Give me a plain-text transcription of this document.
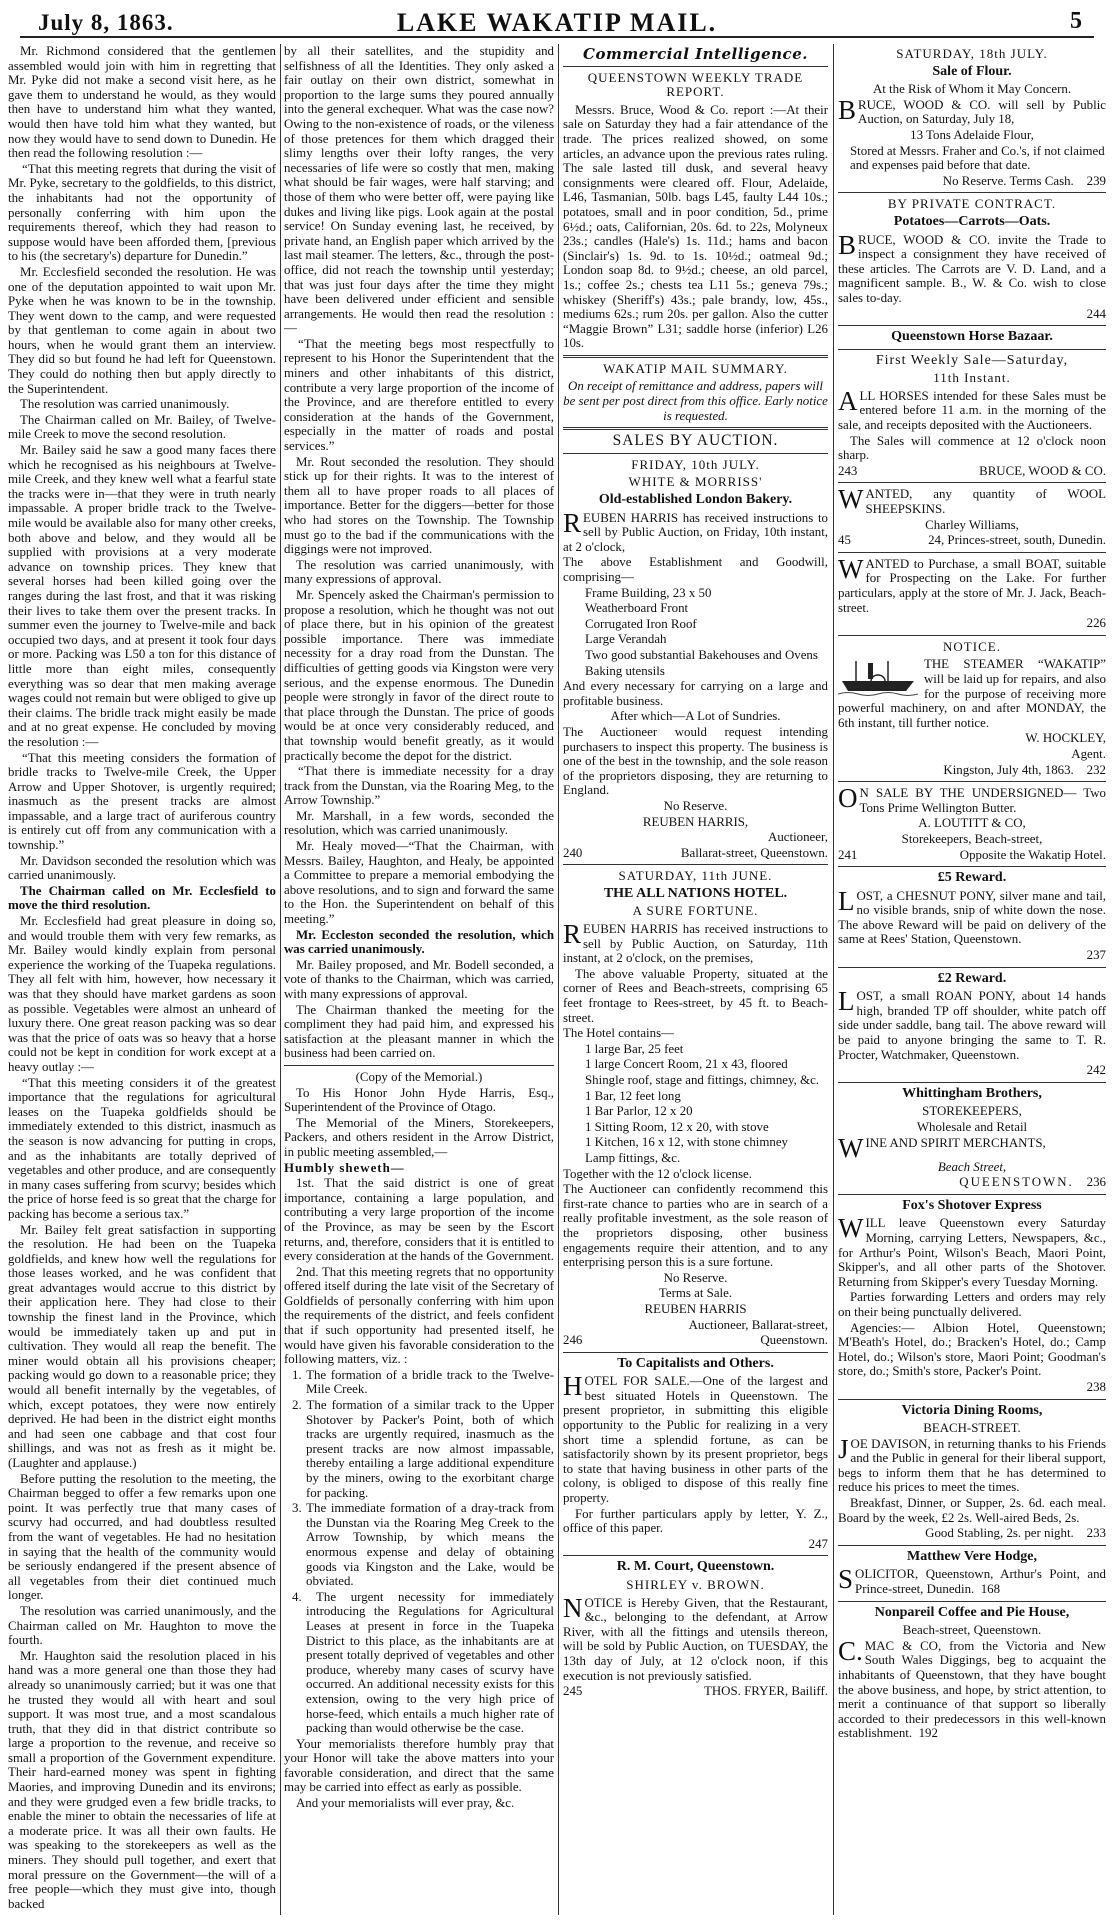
July 8, 1863.	LAKE WAKATIP MAIL.	5

Mr. Richmond considered that the gentlemen assembled would join with him in regretting that Mr. Pyke did not make a second visit here, as he gave them to understand he would, as they would then have to understand him what they wanted, would then have told him what they wanted, but now they would have to send down to Dunedin. He then read the following resolution :—

“That this meeting regrets that during the visit of Mr. Pyke, secretary to the goldfields, to this district, the inhabitants had not the opportunity of personally conferring with him upon the requirements thereof, which they had reason to suppose would have been afforded them, [previous to his (the secretary's) departure for Dunedin.”

Mr. Ecclesfield seconded the resolution. He was one of the deputation appointed to wait upon Mr. Pyke when he was known to be in the township. They went down to the camp, and were requested by that gentleman to come again in about two hours, when he would grant them an interview. They did so but found he had left for Queenstown. They could do nothing then but apply directly to the Superintendent.

The resolution was carried unanimously.

The Chairman called on Mr. Bailey, of Twelve-mile Creek to move the second resolution.

Mr. Bailey said he saw a good many faces there which he recognised as his neighbours at Twelve-mile Creek, and they knew well what a fearful state the tracks were in—that they were in truth nearly impassable. A proper bridle track to the Twelve-mile would be available also for many other creeks, both above and below, and they would all be supplied with provisions at a very moderate advance on township prices. They knew that several horses had been killed going over the ranges during the last frost, and that it was risking their lives to take them over the present tracks. In summer even the journey to Twelve-mile and back occupied two days, and at present it took four days or more. Packing was L50 a ton for this distance of little more than eight miles, consequently everything was so dear that men making average wages could not remain but were obliged to give up their claims. The bridle track might easily be made and at no great expense. He concluded by moving the resolution :—

“That this meeting considers the formation of bridle tracks to Twelve-mile Creek, the Upper Arrow and Upper Shotover, is urgently required; inasmuch as the present tracks are almost impassable, and a large tract of auriferous country is entirely cut off from any communication with a township.”

Mr. Davidson seconded the resolution which was carried unanimously.

The Chairman called on Mr. Ecclesfield to move the third resolution.

Mr. Ecclesfield had great pleasure in doing so, and would trouble them with very few remarks, as Mr. Bailey would kindly explain from personal experience the working of the Tuapeka regulations. They all felt with him, however, how necessary it was that they should have market gardens as soon as possible. Vegetables were almost an unheard of luxury there. One great reason packing was so dear was that the price of oats was so heavy that a horse could not be kept in condition for work except at a heavy outlay :—

“That this meeting considers it of the greatest importance that the regulations for agricultural leases on the Tuapeka goldfields should be immediately extended to this district, inasmuch as the season is now advancing for putting in crops, and as the inhabitants are totally deprived of vegetables and other produce, and are consequently in many cases suffering from scurvy; besides which the price of horse feed is so great that the charge for packing has become a serious tax.”

Mr. Bailey felt great satisfaction in supporting the resolution. He had been on the Tuapeka goldfields, and knew how well the regulations for those leases worked, and he was confident that great advantages would accrue to this district by their application here. They had close to their township the finest land in the Province, which would be immediately taken up and put in cultivation. They would all reap the benefit. The miner would obtain all his provisions cheaper; packing would go down to a reasonable price; they would all benefit internally by the vegetables, of which, except potatoes, they were now entirely deprived. He had been in the district eight months and had seen one cabbage and that cost four shillings, and was not as fresh as it might be. (Laughter and applause.)

Before putting the resolution to the meeting, the Chairman begged to offer a few remarks upon one point. It was perfectly true that many cases of scurvy had occurred, and had doubtless resulted from the want of vegetables. He had no hesitation in saying that the health of the community would be seriously endangered if the present absence of all vegetables from their diet continued much longer.

The resolution was carried unanimously, and the Chairman called on Mr. Haughton to move the fourth.

Mr. Haughton said the resolution placed in his hand was a more general one than those they had already so unanimously carried; but it was one that he trusted they would all with heart and soul support. It was most true, and a most scandalous truth, that they did in that district contribute so large a proportion to the revenue, and receive so small a proportion of the Government expenditure. Their hard-earned money was spent in fighting Maories, and improving Dunedin and its environs; and they were grudged even a few bridle tracks, to enable the miner to obtain the necessaries of life at a moderate price. It was all their own faults. He was speaking to the storekeepers as well as the miners. They should pull together, and exert that moral pressure on the Government—the will of a free people—which they must give into, though backed

by all their satellites, and the stupidity and selfishness of all the Identities. They only asked a fair outlay on their own district, somewhat in proportion to the large sums they poured annually into the general exchequer. What was the case now? Owing to the non-existence of roads, or the vileness of those pretences for them which dragged their slimy lengths over their lofty ranges, the very necessaries of life were so costly that men, making what should be fair wages, were half starving; and those of them who were better off, were paying like dukes and living like pigs. Look again at the postal service! On Sunday evening last, he received, by private hand, an English paper which arrived by the last mail steamer. The letters, &c., through the post-office, did not reach the township until yesterday; that was just four days after the time they might have been delivered under efficient and sensible arrangements. He would then read the resolution :—

“That the meeting begs most respectfully to represent to his Honor the Superintendent that the miners and other inhabitants of this district, contribute a very large proportion of the income of the Province, and are therefore entitled to every consideration at the hands of the Government, especially in the matter of roads and postal services.”

Mr. Rout seconded the resolution. They should stick up for their rights. It was to the interest of them all to have proper roads to all places of importance. Better for the diggers—better for those who had stores on the Township. The Township must go to the bad if the communications with the diggings were not improved.

The resolution was carried unanimously, with many expressions of approval.

Mr. Spencely asked the Chairman's permission to propose a resolution, which he thought was not out of place there, but in his opinion of the greatest possible importance. There was immediate necessity for a dray road from the Dunstan. The difficulties of getting goods via Kingston were very serious, and the expense enormous. The Dunedin people were strongly in favor of the direct route to that place through the Dunstan. The price of goods would be at once very considerably reduced, and that township would benefit greatly, as it would practically become the depot for the district.

“That there is immediate necessity for a dray track from the Dunstan, via the Roaring Meg, to the Arrow Township.”

Mr. Marshall, in a few words, seconded the resolution, which was carried unanimously.

Mr. Healy moved—“That the Chairman, with Messrs. Bailey, Haughton, and Healy, be appointed a Committee to prepare a memorial embodying the above resolutions, and to sign and forward the same to the Hon. the Superintendent on behalf of this meeting.”

Mr. Eccleston seconded the resolution, which was carried unanimously.

Mr. Bailey proposed, and Mr. Bodell seconded, a vote of thanks to the Chairman, which was carried, with many expressions of approval.

The Chairman thanked the meeting for the compliment they had paid him, and expressed his satisfaction at the pleasant manner in which the business had been carried on.

(Copy of the Memorial.)

To His Honor John Hyde Harris, Esq., Superintendent of the Province of Otago.

The Memorial of the Miners, Storekeepers, Packers, and others resident in the Arrow District, in public meeting assembled,—

Humbly sheweth—

1st. That the said district is one of great importance, containing a large population, and contributing a very large proportion of the income of the Province, as may be seen by the Escort returns, and, therefore, considers that it is entitled to every consideration at the hands of the Government.

2nd. That this meeting regrets that no opportunity offered itself during the late visit of the Secretary of Goldfields of personally conferring with him upon the requirements of the district, and feels confident that if such opportunity had presented itself, he would have given his favorable consideration to the following matters, viz. :

1. The formation of a bridle track to the Twelve-Mile Creek.

2. The formation of a similar track to the Upper Shotover by Packer's Point, both of which tracks are urgently required, inasmuch as the present tracks are now almost impassable, thereby entailing a large additional expenditure by the miners, owing to the exorbitant charge for packing.

3. The immediate formation of a dray-track from the Dunstan via the Roaring Meg Creek to the Arrow Township, by which means the enormous expense and delay of obtaining goods via Kingston and the Lake, would be obviated.

4. The urgent necessity for immediately introducing the Regulations for Agricultural Leases at present in force in the Tuapeka District to this place, as the inhabitants are at present totally deprived of vegetables and other produce, whereby many cases of scurvy have occurred. An additional necessity exists for this extension, owing to the very high price of horse-feed, which entails a much higher rate of packing than would otherwise be the case.

Your memorialists therefore humbly pray that your Honor will take the above matters into your favorable consideration, and direct that the same may be carried into effect as early as possible.

And your memorialists will ever pray, &c.

Commercial Intelligence.
QUEENSTOWN WEEKLY TRADE REPORT.

Messrs. Bruce, Wood & Co. report :—At their sale on Saturday they had a fair attendance of the trade. The prices realized showed, on some articles, an advance upon the previous rates ruling. The sale lasted till dusk, and several heavy consignments were cleared off. Flour, Adelaide, L46, Tasmanian, 50lb. bags L45, faulty L44 10s.; potatoes, small and in poor condition, 5d., prime 6½d.; oats, Californian, 20s. 6d. to 22s, Molyneux 23s.; candles (Hale's) 1s. 11d.; hams and bacon (Sinclair's) 1s. 9d. to 1s. 10½d.; oatmeal 9d.; London soap 8d. to 9½d.; cheese, an old parcel, 1s.; coffee 2s.; chests tea L11 5s.; geneva 79s.; whiskey (Sheriff's) 43s.; pale brandy, low, 45s., mediums 62s.; rum 20s. per gallon. Also the cutter “Maggie Brown” L31; saddle horse (inferior) L26 10s.

WAKATIP MAIL SUMMARY.

On receipt of remittance and address, papers will be sent per post direct from this office. Early notice is requested.

SALES BY AUCTION.
FRIDAY, 10th JULY.
WHITE & MORRISS'
Old-established London Bakery.

REUBEN HARRIS has received instructions to sell by Public Auction, on Friday, 10th instant, at 2 o'clock,

The above Establishment and Goodwill, comprising—

Frame Building, 23 x 50

Weatherboard Front

Corrugated Iron Roof

Large Verandah

Two good substantial Bakehouses and Ovens

Baking utensils

And every necessary for carrying on a large and profitable business.

After which—A Lot of Sundries.

The Auctioneer would request intending purchasers to inspect this property. The business is one of the best in the township, and the sole reason of the proprietors disposing, they are returning to England.

No Reserve.

REUBEN HARRIS,

Auctioneer,

240	Ballarat-street, Queenstown.

SATURDAY, 11th JUNE.
THE ALL NATIONS HOTEL.
A SURE FORTUNE.

REUBEN HARRIS has received instructions to sell by Public Auction, on Saturday, 11th instant, at 2 o'clock, on the premises,

The above valuable Property, situated at the corner of Rees and Beach-streets, comprising 65 feet frontage to Rees-street, by 45 ft. to Beach-street.

The Hotel contains—

1 large Bar, 25 feet

1 large Concert Room, 21 x 43, floored

Shingle roof, stage and fittings, chimney, &c.

1 Bar, 12 feet long

1 Bar Parlor, 12 x 20

1 Sitting Room, 12 x 20, with stove

1 Kitchen, 16 x 12, with stone chimney

Lamp fittings, &c.

Together with the 12 o'clock license.

The Auctioneer can confidently recommend this first-rate chance to parties who are in search of a really profitable investment, as the sole reason of the proprietors disposing, other business engagements require their attention, and to any enterprising person this is a sure fortune.

No Reserve.

Terms at Sale.

REUBEN HARRIS

Auctioneer, Ballarat-street,

246	Queenstown.

To Capitalists and Others.

HOTEL FOR SALE.—One of the largest and best situated Hotels in Queenstown. The present proprietor, in submitting this eligible opportunity to the Public for realizing in a very short time a splendid fortune, as can be satisfactorily shown by its present proprietor, begs to state that having business in other parts of the colony, is obliged to dispose of this really fine property.

For further particulars apply by letter, Y. Z., office of this paper.

247

R. M. Court, Queenstown.
SHIRLEY v. BROWN.

NOTICE is Hereby Given, that the Restaurant, &c., belonging to the defendant, at Arrow River, with all the fittings and utensils thereon, will be sold by Public Auction, on TUESDAY, the 13th day of July, at 12 o'clock noon, if this execution is not previously satisfied.

245	THOS. FRYER, Bailiff.

SATURDAY, 18th JULY.
Sale of Flour.

At the Risk of Whom it May Concern.

BRUCE, WOOD & CO. will sell by Public Auction, on Saturday, July 18,

13 Tons Adelaide Flour,

Stored at Messrs. Fraher and Co.'s, if not claimed and expenses paid before that date.

No Reserve. Terms Cash. 239

BY PRIVATE CONTRACT.
Potatoes—Carrots—Oats.

BRUCE, WOOD & CO. invite the Trade to inspect a consignment they have received of these articles. The Carrots are V. D. Land, and a magnificent sample. B., W. & Co. wish to close sales to-day.

244

Queenstown Horse Bazaar.
First Weekly Sale—Saturday,
11th Instant.

ALL HORSES intended for these Sales must be entered before 11 a.m. in the morning of the sale, and receipts deposited with the Auctioneers.

The Sales will commence at 12 o'clock noon sharp.

243	BRUCE, WOOD & CO.

WANTED, any quantity of WOOL SHEEPSKINS.

Charley Williams,

45	24, Princes-street, south, Dunedin.

WANTED to Purchase, a small BOAT, suitable for Prospecting on the Lake. For further particulars, apply at the store of Mr. J. Jack, Beach-street.

226

NOTICE.

THE STEAMER “WAKATIP” will be laid up for repairs, and also for the purpose of receiving more powerful machinery, on and after MONDAY, the 6th instant, till further notice.

W. HOCKLEY,

Agent.

Kingston, July 4th, 1863. 232

O N SALE BY THE UNDERSIGNED— Two Tons Prime Wellington Butter.

A. LOUTITT & CO,

Storekeepers, Beach-street,

241	Opposite the Wakatip Hotel.

£5 Reward.

LOST, a CHESNUT PONY, silver mane and tail, no visible brands, snip of white down the nose. The above Reward will be paid on delivery of the same at Rees' Station, Queenstown.

237

£2 Reward.

LOST, a small ROAN PONY, about 14 hands high, branded TP off shoulder, white patch off side under saddle, bang tail. The above reward will be paid to anyone bringing the same to T. R. Procter, Watchmaker, Queenstown.

242

Whittingham Brothers,

STOREKEEPERS,

Wholesale and Retail

WINE AND SPIRIT MERCHANTS,

Beach Street,

QUEENSTOWN. 236

Fox's Shotover Express

WILL leave Queenstown every Saturday Morning, carrying Letters, Newspapers, &c., for Arthur's Point, Wilson's Beach, Maori Point, Skipper's, and all other parts of the Shotover. Returning from Skipper's every Tuesday Morning.

Parties forwarding Letters and orders may rely on their being punctually delivered.

Agencies:— Albion Hotel, Queenstown; M'Beath's Hotel, do.; Bracken's Hotel, do.; Camp Hotel, do.; Wilson's store, Maori Point; Goodman's store, do.; Smith's store, Packer's Point.

238

Victoria Dining Rooms,

BEACH-STREET.

JOE DAVISON, in returning thanks to his Friends and the Public in general for their liberal support, begs to inform them that he has determined to reduce his prices to meet the times.

Breakfast, Dinner, or Supper, 2s. 6d. each meal. Board by the week, £2 2s. Well-aired Beds, 2s.

Good Stabling, 2s. per night. 233

Matthew Vere Hodge,

SOLICITOR, Queenstown, Arthur's Point, and Prince-street, Dunedin. 168

Nonpareil Coffee and Pie House,

Beach-street, Queenstown.

C. MAC & CO, from the Victoria and New South Wales Diggings, beg to acquaint the inhabitants of Queenstown, that they have bought the above business, and hope, by strict attention, to merit a continuance of that support so liberally accorded to their predecessors in this well-known establishment. 192
